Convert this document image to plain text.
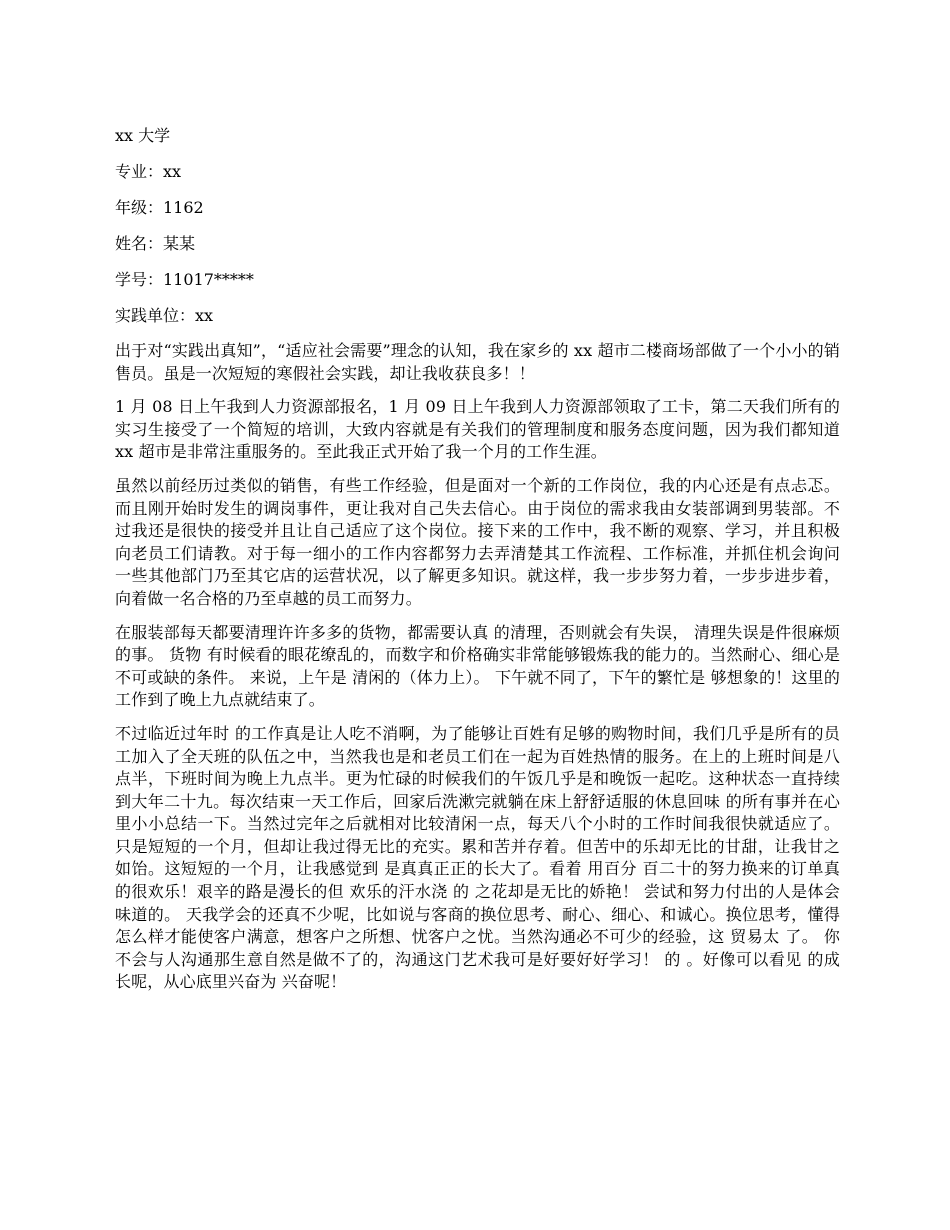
xx 大学
专业：xx
年级：1162
姓名：某某
学号：11017*****
实践单位：xx

出于对“实践出真知”，“适应社会需要”理念的认知，我在家乡的 xx 超市二楼商场部做了一个小小的销售员。虽是一次短短的寒假社会实践，却让我收获良多！！

1 月 08 日上午我到人力资源部报名，1 月 09 日上午我到人力资源部领取了工卡，第二天我们所有的实习生接受了一个简短的培训，大致内容就是有关我们的管理制度和服务态度问题，因为我们都知道 xx 超市是非常注重服务的。至此我正式开始了我一个月的工作生涯。

虽然以前经历过类似的销售，有些工作经验，但是面对一个新的工作岗位，我的内心还是有点忐忑。而且刚开始时发生的调岗事件，更让我对自己失去信心。由于岗位的需求我由女装部调到男装部。不过我还是很快的接受并且让自己适应了这个岗位。接下来的工作中，我不断的观察、学习，并且积极向老员工们请教。对于每一细小的工作内容都努力去弄清楚其工作流程、工作标准，并抓住机会询问一些其他部门乃至其它店的运营状况，以了解更多知识。就这样，我一步步努力着，一步步进步着，向着做一名合格的乃至卓越的员工而努力。

在服装部每天都要清理许许多多的货物，都需要认真 的清理，否则就会有失误， 清理失误是件很麻烦的事。 货物 有时候看的眼花缭乱的，而数字和价格确实非常能够锻炼我的能力的。当然耐心、细心是不可或缺的条件。 来说，上午是 清闲的（体力上）。 下午就不同了，下午的繁忙是 够想象的！这里的工作到了晚上九点就结束了。

不过临近过年时 的工作真是让人吃不消啊，为了能够让百姓有足够的购物时间，我们几乎是所有的员工加入了全天班的队伍之中，当然我也是和老员工们在一起为百姓热情的服务。在上的上班时间是八点半，下班时间为晚上九点半。更为忙碌的时候我们的午饭几乎是和晚饭一起吃。这种状态一直持续到大年二十九。每次结束一天工作后，回家后洗漱完就躺在床上舒舒适服的休息回味 的所有事并在心里小小总结一下。当然过完年之后就相对比较清闲一点，每天八个小时的工作时间我很快就适应了。 只是短短的一个月，但却让我过得无比的充实。累和苦并存着。但苦中的乐却无比的甘甜，让我甘之如饴。这短短的一个月，让我感觉到 是真真正正的长大了。看着 用百分 百二十的努力换来的订单真的很欢乐！艰辛的路是漫长的但 欢乐的汗水浇 的 之花却是无比的娇艳！ 尝试和努力付出的人是体会 味道的。 天我学会的还真不少呢，比如说与客商的换位思考、耐心、细心、和诚心。换位思考，懂得怎么样才能使客户满意，想客户之所想、忧客户之忧。当然沟通必不可少的经验，这 贸易太 了。 你不会与人沟通那生意自然是做不了的，沟通这门艺术我可是好要好好学习！ 的 。好像可以看见 的成长呢，从心底里兴奋为 兴奋呢！
